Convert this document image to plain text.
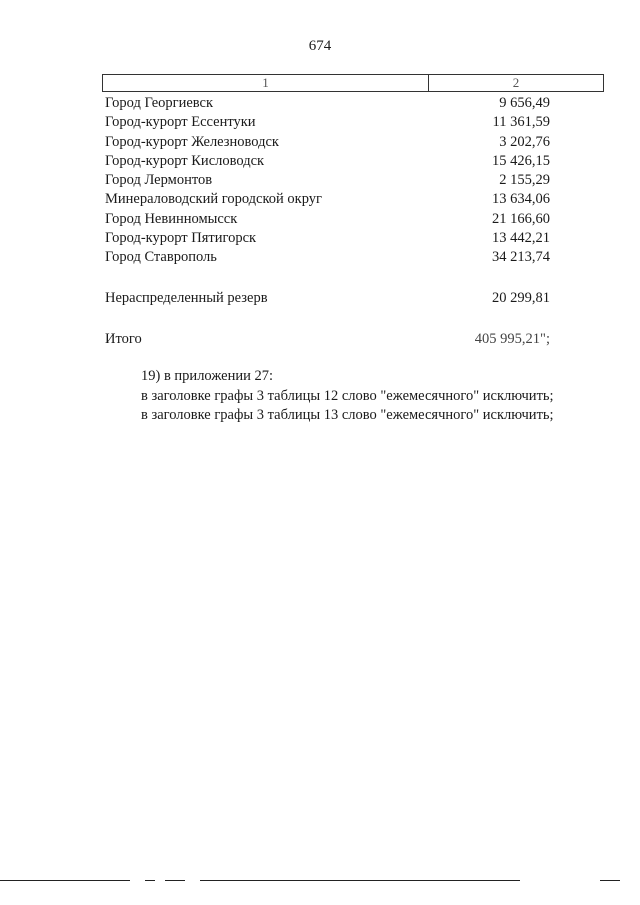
674
1	2
Город Георгиевск	9 656,49
Город-курорт Ессентуки	11 361,59
Город-курорт Железноводск	3 202,76
Город-курорт Кисловодск	15 426,15
Город Лермонтов	2 155,29
Минераловодский городской округ	13 634,06
Город Невинномысск	21 166,60
Город-курорт Пятигорск	13 442,21
Город Ставрополь	34 213,74
Нераспределенный резерв	20 299,81
Итого	405 995,21";
19) в приложении 27:
в заголовке графы 3 таблицы 12 слово "ежемесячного" исключить;
в заголовке графы 3 таблицы 13 слово "ежемесячного" исключить;
